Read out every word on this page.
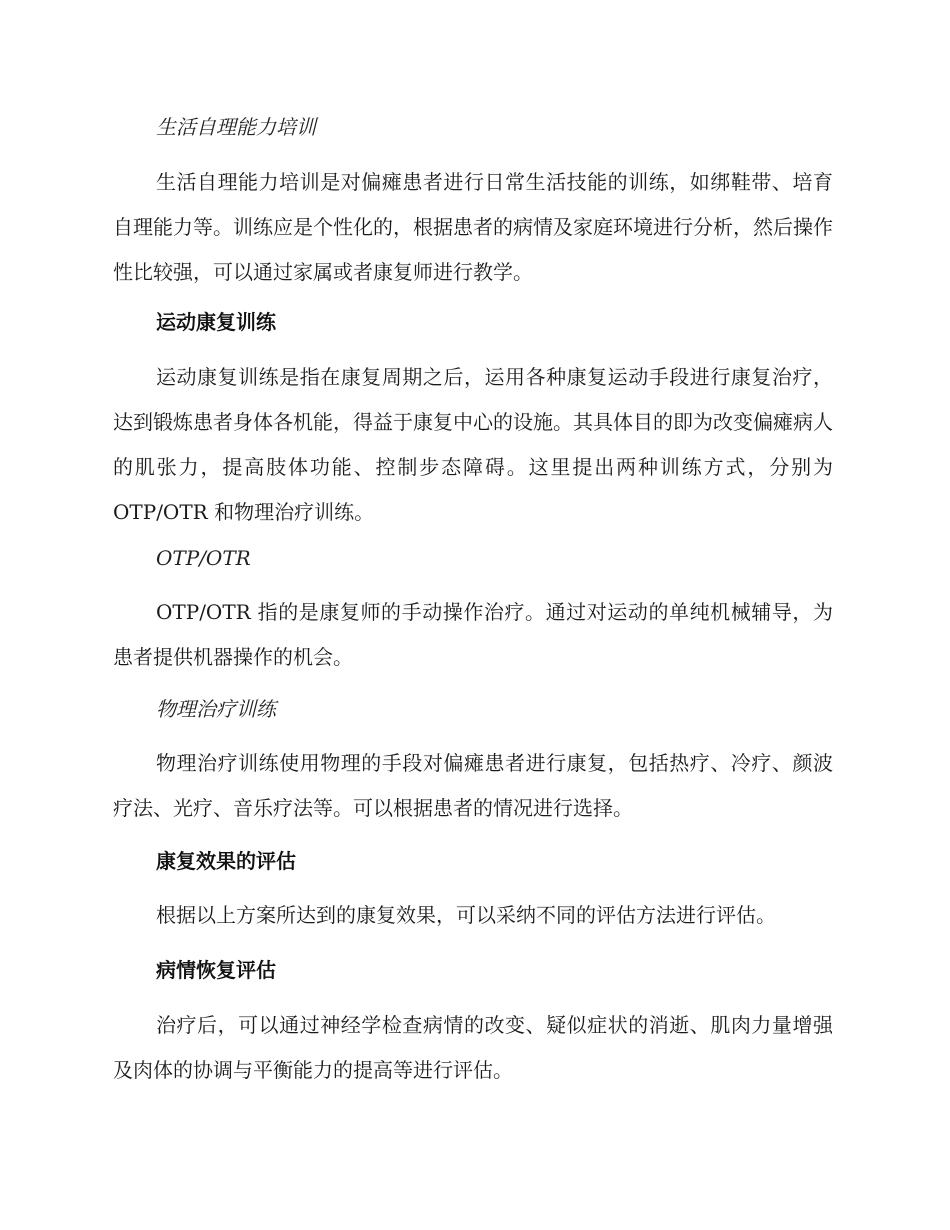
生活自理能力培训
生活自理能力培训是对偏瘫患者进行日常生活技能的训练，如绑鞋带、培育自理能力等。训练应是个性化的，根据患者的病情及家庭环境进行分析，然后操作性比较强，可以通过家属或者康复师进行教学。
运动康复训练
运动康复训练是指在康复周期之后，运用各种康复运动手段进行康复治疗，达到锻炼患者身体各机能，得益于康复中心的设施。其具体目的即为改变偏瘫病人的肌张力，提高肢体功能、控制步态障碍。这里提出两种训练方式，分别为 OTP/OTR 和物理治疗训练。
OTP/OTR
OTP/OTR 指的是康复师的手动操作治疗。通过对运动的单纯机械辅导，为患者提供机器操作的机会。
物理治疗训练
物理治疗训练使用物理的手段对偏瘫患者进行康复，包括热疗、冷疗、颜波疗法、光疗、音乐疗法等。可以根据患者的情况进行选择。
康复效果的评估
根据以上方案所达到的康复效果，可以采纳不同的评估方法进行评估。
病情恢复评估
治疗后，可以通过神经学检查病情的改变、疑似症状的消逝、肌肉力量增强及肉体的协调与平衡能力的提高等进行评估。
